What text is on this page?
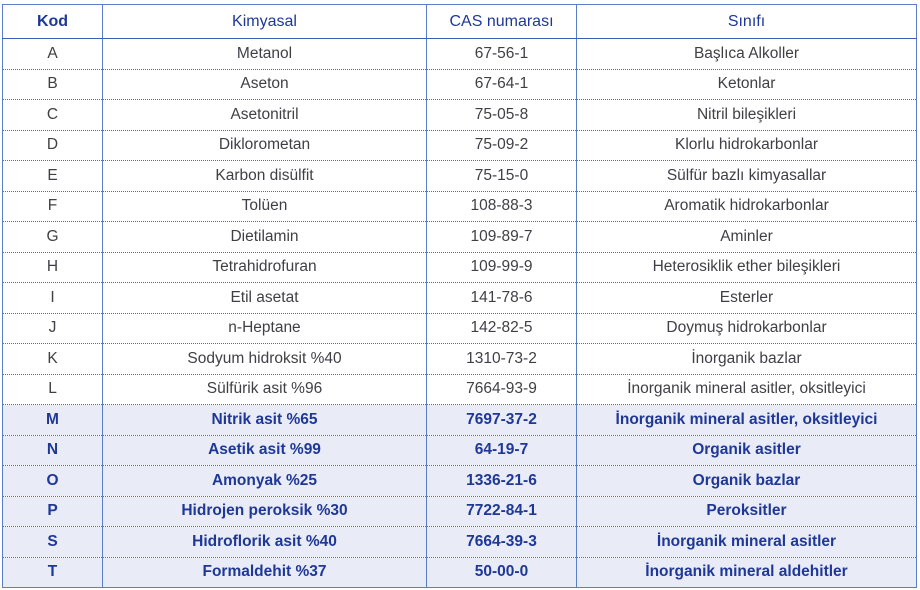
Kod	Kimyasal	CAS numarası	Sınıfı
A	Metanol	67-56-1	Başlıca Alkoller
B	Aseton	67-64-1	Ketonlar
C	Asetonitril	75-05-8	Nitril bileşikleri
D	Diklorometan	75-09-2	Klorlu hidrokarbonlar
E	Karbon disülfit	75-15-0	Sülfür bazlı kimyasallar
F	Tolüen	108-88-3	Aromatik hidrokarbonlar
G	Dietilamin	109-89-7	Aminler
H	Tetrahidrofuran	109-99-9	Heterosiklik ether bileşikleri
I	Etil asetat	141-78-6	Esterler
J	n-Heptane	142-82-5	Doymuş hidrokarbonlar
K	Sodyum hidroksit %40	1310-73-2	İnorganik bazlar
L	Sülfürik asit %96	7664-93-9	İnorganik mineral asitler, oksitleyici
M	Nitrik asit %65	7697-37-2	İnorganik mineral asitler, oksitleyici
N	Asetik asit %99	64-19-7	Organik asitler
O	Amonyak %25	1336-21-6	Organik bazlar
P	Hidrojen peroksik %30	7722-84-1	Peroksitler
S	Hidroflorik asit %40	7664-39-3	İnorganik mineral asitler
T	Formaldehit %37	50-00-0	İnorganik mineral aldehitler
